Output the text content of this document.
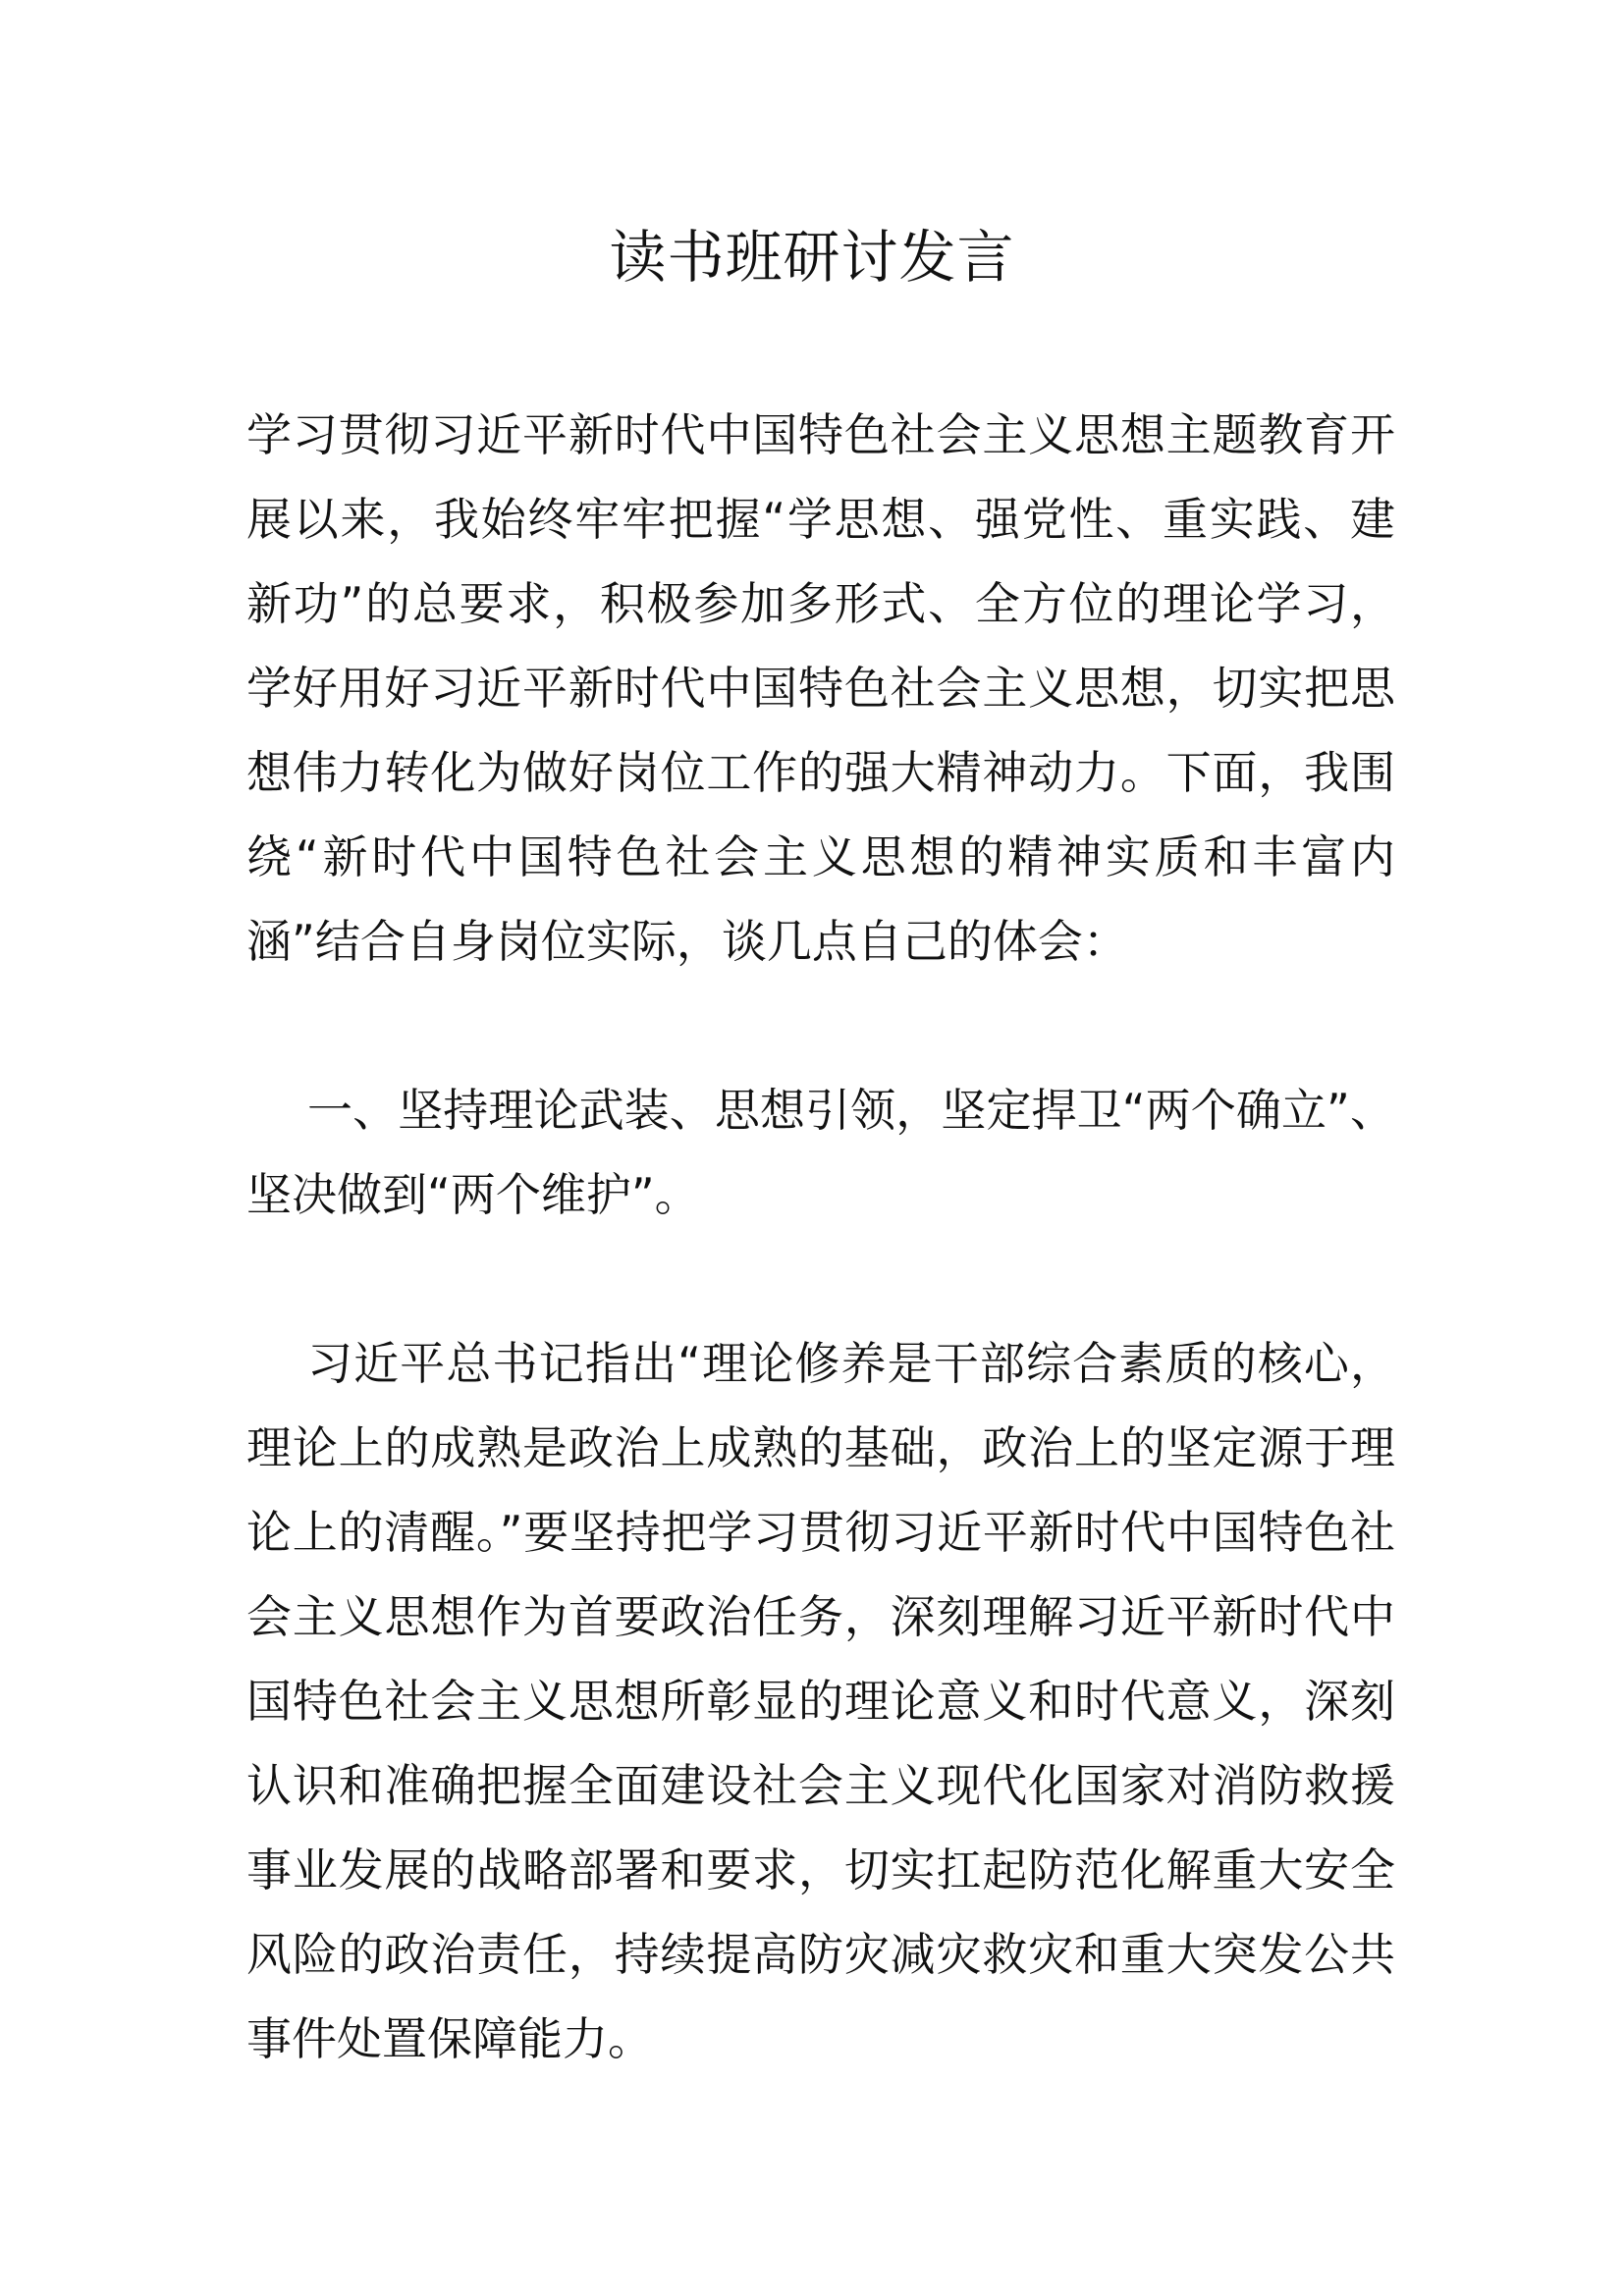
读书班研讨发言

学习贯彻习近平新时代中国特色社会主义思想主题教育开展以来，我始终牢牢把握“学思想、强党性、重实践、建新功”的总要求，积极参加多形式、全方位的理论学习，学好用好习近平新时代中国特色社会主义思想，切实把思想伟力转化为做好岗位工作的强大精神动力。下面，我围绕“新时代中国特色社会主义思想的精神实质和丰富内涵”结合自身岗位实际，谈几点自己的体会：

一、坚持理论武装、思想引领，坚定捍卫“两个确立”、坚决做到“两个维护”。

习近平总书记指出“理论修养是干部综合素质的核心，理论上的成熟是政治上成熟的基础，政治上的坚定源于理论上的清醒。”要坚持把学习贯彻习近平新时代中国特色社会主义思想作为首要政治任务，深刻理解习近平新时代中国特色社会主义思想所彰显的理论意义和时代意义，深刻认识和准确把握全面建设社会主义现代化国家对消防救援事业发展的战略部署和要求，切实扛起防范化解重大安全风险的政治责任，持续提高防灾减灾救灾和重大突发公共事件处置保障能力。
